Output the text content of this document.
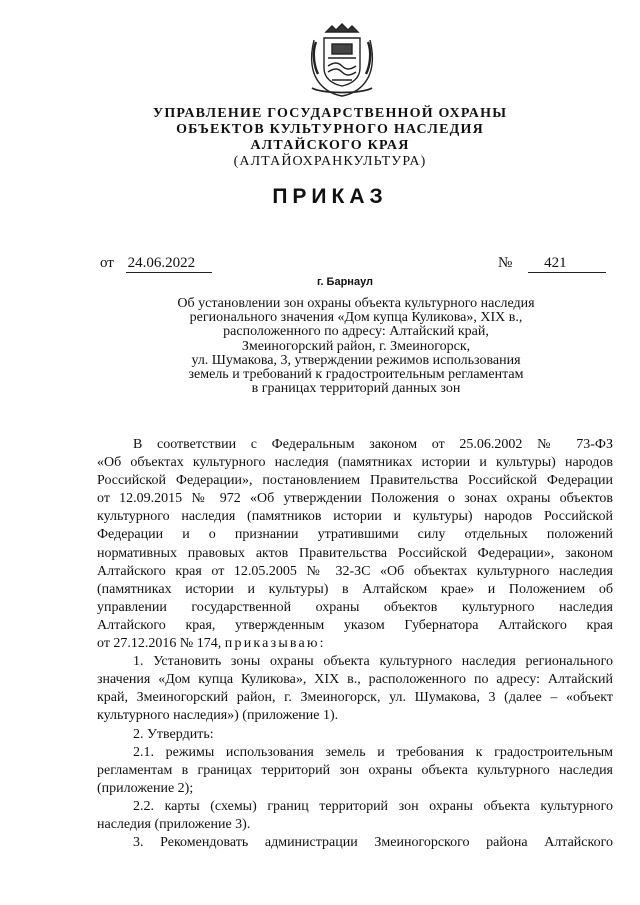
УПРАВЛЕНИЕ ГОСУДАРСТВЕННОЙ ОХРАНЫ
ОБЪЕКТОВ КУЛЬТУРНОГО НАСЛЕДИЯ
АЛТАЙСКОГО КРАЯ
(АЛТАЙОХРАНКУЛЬТУРА)
ПРИКАЗ
от 24.06.2022	№ 421
г. Барнаул
Об установлении зон охраны объекта культурного наследия
регионального значения «Дом купца Куликова», XIX в.,
расположенного по адресу: Алтайский край,
Змеиногорский район, г. Змеиногорск,
ул. Шумакова, 3, утверждении режимов использования
земель и требований к градостроительным регламентам
в границах территорий данных зон
В соответствии с Федеральным законом от 25.06.2002 № 73-ФЗ
«Об объектах культурного наследия (памятниках истории и культуры) народов
Российской Федерации», постановлением Правительства Российской Федерации
от 12.09.2015 № 972 «Об утверждении Положения о зонах охраны объектов
культурного наследия (памятников истории и культуры) народов Российской
Федерации и о признании утратившими силу отдельных положений
нормативных правовых актов Правительства Российской Федерации», законом
Алтайского края от 12.05.2005 № 32-ЗС «Об объектах культурного наследия
(памятниках истории и культуры) в Алтайском крае» и Положением об
управлении государственной охраны объектов культурного наследия
Алтайского края, утвержденным указом Губернатора Алтайского края
от 27.12.2016 № 174, приказываю:
1. Установить зоны охраны объекта культурного наследия регионального
значения «Дом купца Куликова», XIX в., расположенного по адресу: Алтайский
край, Змеиногорский район, г. Змеиногорск, ул. Шумакова, 3 (далее – «объект
культурного наследия») (приложение 1).
2. Утвердить:
2.1. режимы использования земель и требования к градостроительным
регламентам в границах территорий зон охраны объекта культурного наследия
(приложение 2);
2.2. карты (схемы) границ территорий зон охраны объекта культурного
наследия (приложение 3).
3. Рекомендовать администрации Змеиногорского района Алтайского
